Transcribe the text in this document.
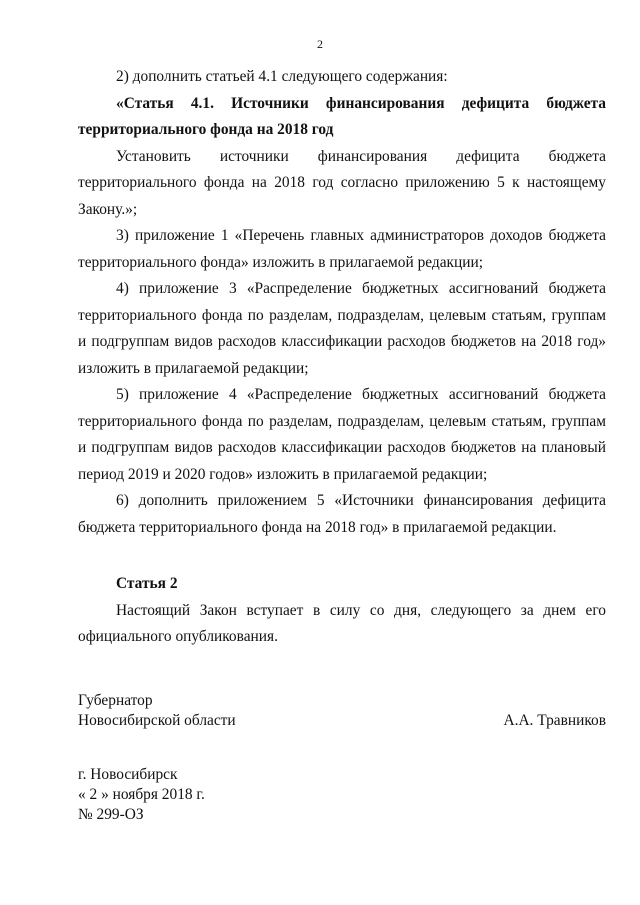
2

2) дополнить статьей 4.1 следующего содержания:

«Статья 4.1. Источники финансирования дефицита бюджета территориального фонда на 2018 год

Установить источники финансирования дефицита бюджета территориального фонда на 2018 год согласно приложению 5 к настоящему Закону.»;

3) приложение 1 «Перечень главных администраторов доходов бюджета территориального фонда» изложить в прилагаемой редакции;

4) приложение 3 «Распределение бюджетных ассигнований бюджета территориального фонда по разделам, подразделам, целевым статьям, группам и подгруппам видов расходов классификации расходов бюджетов на 2018 год» изложить в прилагаемой редакции;

5) приложение 4 «Распределение бюджетных ассигнований бюджета территориального фонда по разделам, подразделам, целевым статьям, группам и подгруппам видов расходов классификации расходов бюджетов на плановый период 2019 и 2020 годов» изложить в прилагаемой редакции;

6) дополнить приложением 5 «Источники финансирования дефицита бюджета территориального фонда на 2018 год» в прилагаемой редакции.

Статья 2

Настоящий Закон вступает в силу со дня, следующего за днем его официального опубликования.

Губернатор
Новосибирской области	А.А. Травников
г. Новосибирск
« 2 » ноября 2018 г.
№ 299-ОЗ
